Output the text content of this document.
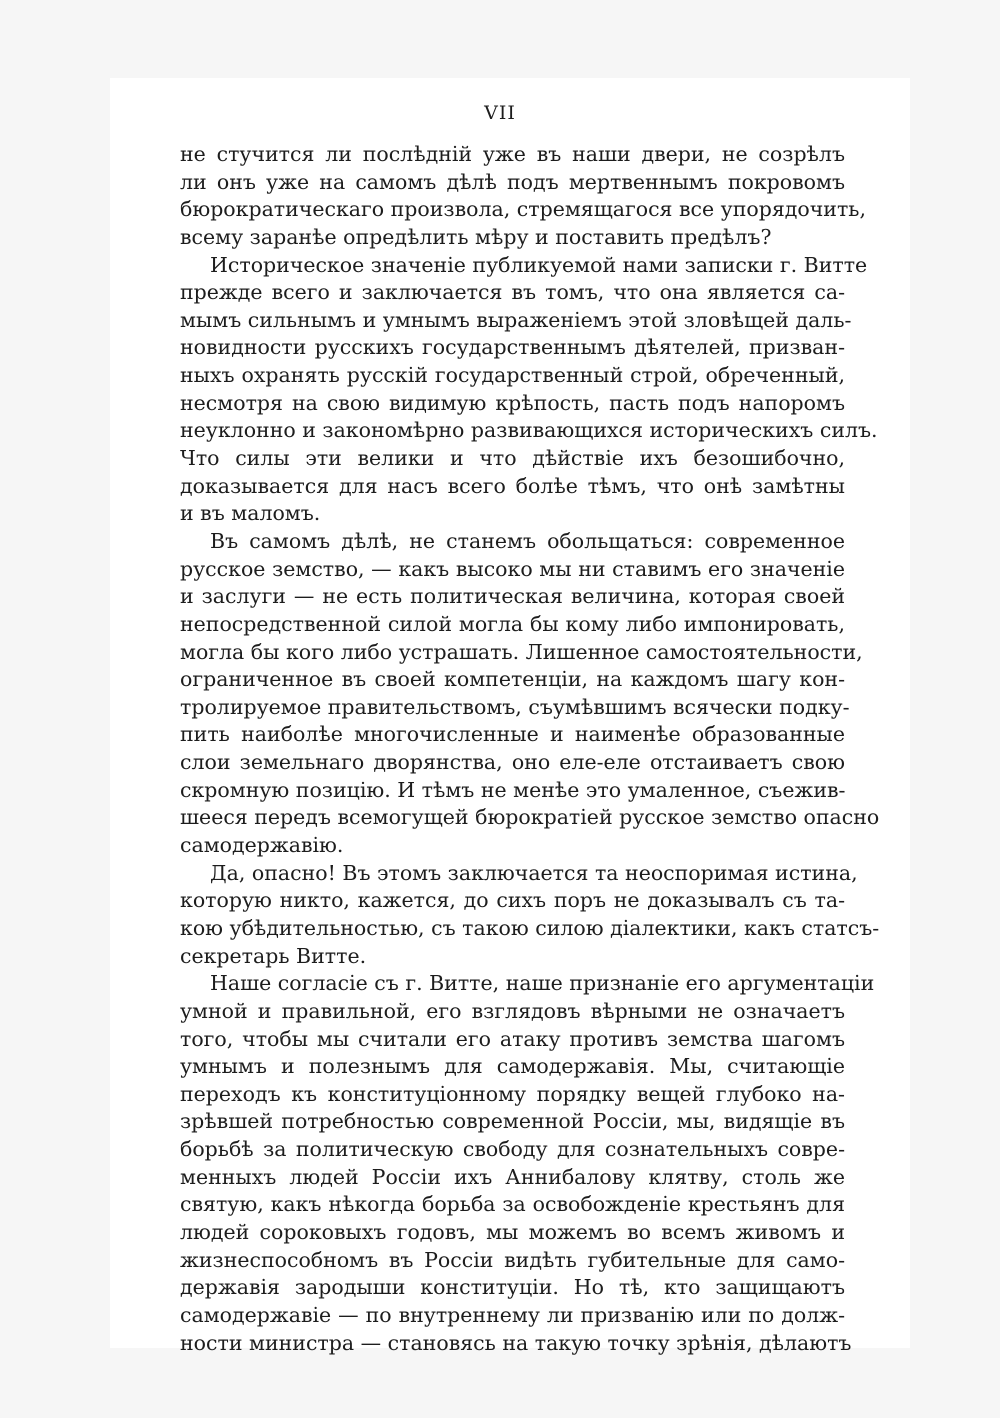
VII
не стучится ли послѣдній уже въ наши двери, не созрѣлъ
ли онъ уже на самомъ дѣлѣ подъ мертвеннымъ покровомъ
бюрократическаго произвола, стремящагося все упорядочить,
всему заранѣе опредѣлить мѣру и поставить предѣлъ?
Историческое значеніе публикуемой нами записки г. Витте
прежде всего и заключается въ томъ, что она является са-
мымъ сильнымъ и умнымъ выраженіемъ этой зловѣщей даль-
новидности русскихъ государственнымъ дѣятелей, призван-
ныхъ охранять русскій государственный строй, обреченный,
несмотря на свою видимую крѣпость, пасть подъ напоромъ
неуклонно и закономѣрно развивающихся историческихъ силъ.
Что силы эти велики и что дѣйствіе ихъ безошибочно,
доказывается для насъ всего болѣе тѣмъ, что онѣ замѣтны
и въ маломъ.
Въ самомъ дѣлѣ, не станемъ обольщаться: современное
русское земство, — какъ высоко мы ни ставимъ его значеніе
и заслуги — не есть политическая величина, которая своей
непосредственной силой могла бы кому либо импонировать,
могла бы кого либо устрашать. Лишенное самостоятельности,
ограниченное въ своей компетенціи, на каждомъ шагу кон-
тролируемое правительствомъ, съумѣвшимъ всячески подку-
пить наиболѣе многочисленные и наименѣе образованные
слои земельнаго дворянства, оно еле-еле отстаиваетъ свою
скромную позицію. И тѣмъ не менѣе это умаленное, съежив-
шееся передъ всемогущей бюрократіей русское земство опасно
самодержавію.
Да, опасно! Въ этомъ заключается та неоспоримая истина,
которую никто, кажется, до сихъ поръ не доказывалъ съ та-
кою убѣдительностью, съ такою силою діалектики, какъ статсъ-
секретарь Витте.
Наше согласіе съ г. Витте, наше признаніе его аргументаціи
умной и правильной, его взглядовъ вѣрными не означаетъ
того, чтобы мы считали его атаку противъ земства шагомъ
умнымъ и полезнымъ для самодержавія. Мы, считающіе
переходъ къ конституціонному порядку вещей глубоко на-
зрѣвшей потребностью современной Россіи, мы, видящіе въ
борьбѣ за политическую свободу для сознательныхъ совре-
менныхъ людей Россіи ихъ Аннибалову клятву, столь же
святую, какъ нѣкогда борьба за освобожденіе крестьянъ для
людей сороковыхъ годовъ, мы можемъ во всемъ живомъ и
жизнеспособномъ въ Россіи видѣть губительные для само-
державія зародыши конституціи. Но тѣ, кто защищаютъ
самодержавіе — по внутреннему ли призванію или по долж-
ности министра — становясь на такую точку зрѣнія, дѣлаютъ
